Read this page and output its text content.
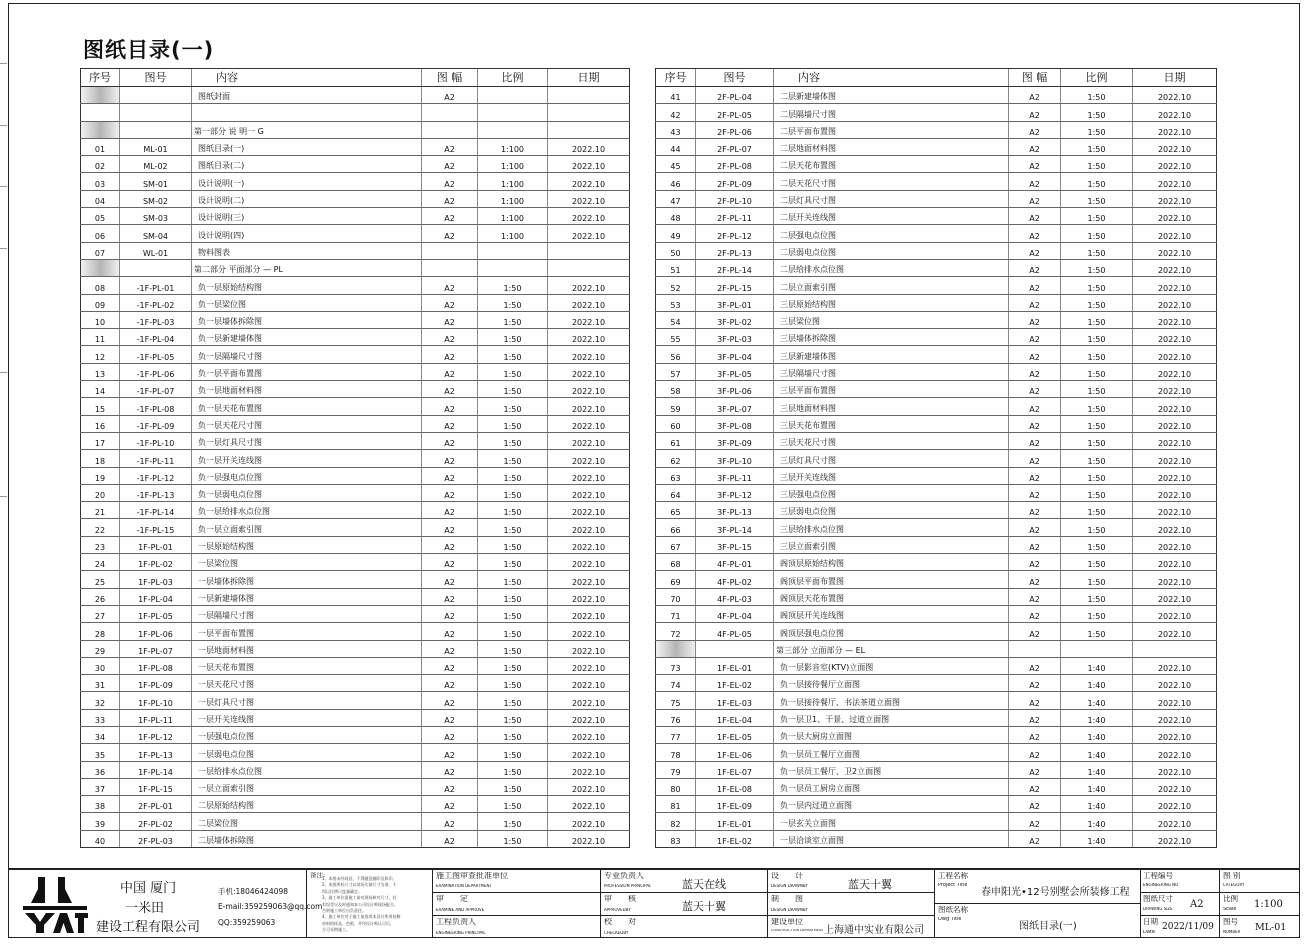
图纸目录(一)
序号	图号	内容	图 幅	比例	日期
		图纸封面	A2		

		第一部分 说 明一 G			
01	ML-01	图纸目录(一)	A2	1:100	2022.10
02	ML-02	图纸目录(二)	A2	1:100	2022.10
03	SM-01	设计说明(一)	A2	1:100	2022.10
04	SM-02	设计说明(二)	A2	1:100	2022.10
05	SM-03	设计说明(三)	A2	1:100	2022.10
06	SM-04	设计说明(四)	A2	1:100	2022.10
07	WL-01	物料图表			
		第二部分 平面部分 — PL			
08	-1F-PL-01	负一层原始结构图	A2	1:50	2022.10
09	-1F-PL-02	负一层梁位图	A2	1:50	2022.10
10	-1F-PL-03	负一层墙体拆除图	A2	1:50	2022.10
11	-1F-PL-04	负一层新建墙体图	A2	1:50	2022.10
12	-1F-PL-05	负一层隔墙尺寸图	A2	1:50	2022.10
13	-1F-PL-06	负一层平面布置图	A2	1:50	2022.10
14	-1F-PL-07	负一层地面材料图	A2	1:50	2022.10
15	-1F-PL-08	负一层天花布置图	A2	1:50	2022.10
16	-1F-PL-09	负一层天花尺寸图	A2	1:50	2022.10
17	-1F-PL-10	负一层灯具尺寸图	A2	1:50	2022.10
18	-1F-PL-11	负一层开关连线图	A2	1:50	2022.10
19	-1F-PL-12	负一层强电点位图	A2	1:50	2022.10
20	-1F-PL-13	负一层弱电点位图	A2	1:50	2022.10
21	-1F-PL-14	负一层给排水点位图	A2	1:50	2022.10
22	-1F-PL-15	负一层立面索引图	A2	1:50	2022.10
23	1F-PL-01	一层原始结构图	A2	1:50	2022.10
24	1F-PL-02	一层梁位图	A2	1:50	2022.10
25	1F-PL-03	一层墙体拆除图	A2	1:50	2022.10
26	1F-PL-04	一层新建墙体图	A2	1:50	2022.10
27	1F-PL-05	一层隔墙尺寸图	A2	1:50	2022.10
28	1F-PL-06	一层平面布置图	A2	1:50	2022.10
29	1F-PL-07	一层地面材料图	A2	1:50	2022.10
30	1F-PL-08	一层天花布置图	A2	1:50	2022.10
31	1F-PL-09	一层天花尺寸图	A2	1:50	2022.10
32	1F-PL-10	一层灯具尺寸图	A2	1:50	2022.10
33	1F-PL-11	一层开关连线图	A2	1:50	2022.10
34	1F-PL-12	一层强电点位图	A2	1:50	2022.10
35	1F-PL-13	一层弱电点位图	A2	1:50	2022.10
36	1F-PL-14	一层给排水点位图	A2	1:50	2022.10
37	1F-PL-15	一层立面索引图	A2	1:50	2022.10
38	2F-PL-01	二层原始结构图	A2	1:50	2022.10
39	2F-PL-02	二层梁位图	A2	1:50	2022.10
40	2F-PL-03	二层墙体拆除图	A2	1:50	2022.10
序号	图号	内容	图 幅	比例	日期
41	2F-PL-04	二层新建墙体图	A2	1:50	2022.10
42	2F-PL-05	二层隔墙尺寸图	A2	1:50	2022.10
43	2F-PL-06	二层平面布置图	A2	1:50	2022.10
44	2F-PL-07	二层地面材料图	A2	1:50	2022.10
45	2F-PL-08	二层天花布置图	A2	1:50	2022.10
46	2F-PL-09	二层天花尺寸图	A2	1:50	2022.10
47	2F-PL-10	二层灯具尺寸图	A2	1:50	2022.10
48	2F-PL-11	二层开关连线图	A2	1:50	2022.10
49	2F-PL-12	二层强电点位图	A2	1:50	2022.10
50	2F-PL-13	二层弱电点位图	A2	1:50	2022.10
51	2F-PL-14	二层给排水点位图	A2	1:50	2022.10
52	2F-PL-15	二层立面索引图	A2	1:50	2022.10
53	3F-PL-01	三层原始结构图	A2	1:50	2022.10
54	3F-PL-02	三层梁位图	A2	1:50	2022.10
55	3F-PL-03	三层墙体拆除图	A2	1:50	2022.10
56	3F-PL-04	三层新建墙体图	A2	1:50	2022.10
57	3F-PL-05	三层隔墙尺寸图	A2	1:50	2022.10
58	3F-PL-06	三层平面布置图	A2	1:50	2022.10
59	3F-PL-07	三层地面材料图	A2	1:50	2022.10
60	3F-PL-08	三层天花布置图	A2	1:50	2022.10
61	3F-PL-09	三层天花尺寸图	A2	1:50	2022.10
62	3F-PL-10	三层灯具尺寸图	A2	1:50	2022.10
63	3F-PL-11	三层开关连线图	A2	1:50	2022.10
64	3F-PL-12	三层强电点位图	A2	1:50	2022.10
65	3F-PL-13	三层弱电点位图	A2	1:50	2022.10
66	3F-PL-14	三层给排水点位图	A2	1:50	2022.10
67	3F-PL-15	三层立面索引图	A2	1:50	2022.10
68	4F-PL-01	阁顶层原始结构图	A2	1:50	2022.10
69	4F-PL-02	阁顶层平面布置图	A2	1:50	2022.10
70	4F-PL-03	阁顶层天花布置图	A2	1:50	2022.10
71	4F-PL-04	阁顶层开关连线图	A2	1:50	2022.10
72	4F-PL-05	阁顶层强电点位图	A2	1:50	2022.10
		第三部分 立面部分 — EL			
73	1F-EL-01	负一层影音室(KTV)立面图	A2	1:40	2022.10
74	1F-EL-02	负一层接待餐厅立面图	A2	1:40	2022.10
75	1F-EL-03	负一层接待餐厅、书法茶道立面图	A2	1:40	2022.10
76	1F-EL-04	负一层卫1、干景、过道立面图	A2	1:40	2022.10
77	1F-EL-05	负一层大厨房立面图	A2	1:40	2022.10
78	1F-EL-06	负一层员工餐厅立面图	A2	1:40	2022.10
79	1F-EL-07	负一层员工餐厅、卫2立面图	A2	1:40	2022.10
80	1F-EL-08	负一层员工厨房立面图	A2	1:40	2022.10
81	1F-EL-09	负一层内过道立面图	A2	1:40	2022.10
82	1F-EL-01	一层玄关立面图	A2	1:40	2022.10
83	1F-EL-02	一层洽谈室立面图	A2	1:40	2022.10
中国 厦门
一米田
建设工程有限公司
手机:18046424098
E-mail:359259063@qq.com
QQ:359259063
备注:
1、本图未经同意，不得随意翻印及影印。
2、本图所标尺寸以现场实测尺寸为准，不
得以比例尺度量确定。
3、施工单位需施工前对现场核对尺寸，若
有误差应及时通知本公司设计师现场配合,
否则施工单位自负责任。
4、施工单位对于施工前选用本设计所用装修
材料的样品、色板，并经设计师认可后，
方可采购施工。
施工图审查批准单位
EXAMINATION DEPARTMENT
审　　定
EXAMINE AND APPROVE
工程负责人
ENGINEERING PRINCIPAL
专业负责人
PROFESSION PRINCIPAL	蓝天在线
审　　核
APPROVEDBY	蓝天十翼
校　　对
CHECKEDBY
设　　计
DESIGN DRAWNBY	蓝天十翼
制　　图
DESIGN DRAWNBY
建设单位
CONSTRUCTION DEPARTMENT 上海通中实业有限公司
工程名称
Project Title
春申阳光•12号别墅会所装修工程
图纸名称
Dwg Title
图纸目录(一)
工程编号
ENGINEERING NO
图 别
CATEGORY
图纸尺寸
DRAWING SIZE A2
比例
Scale 1:100
日期
Date 2022/11/09
图号
NUMBER ML-01
